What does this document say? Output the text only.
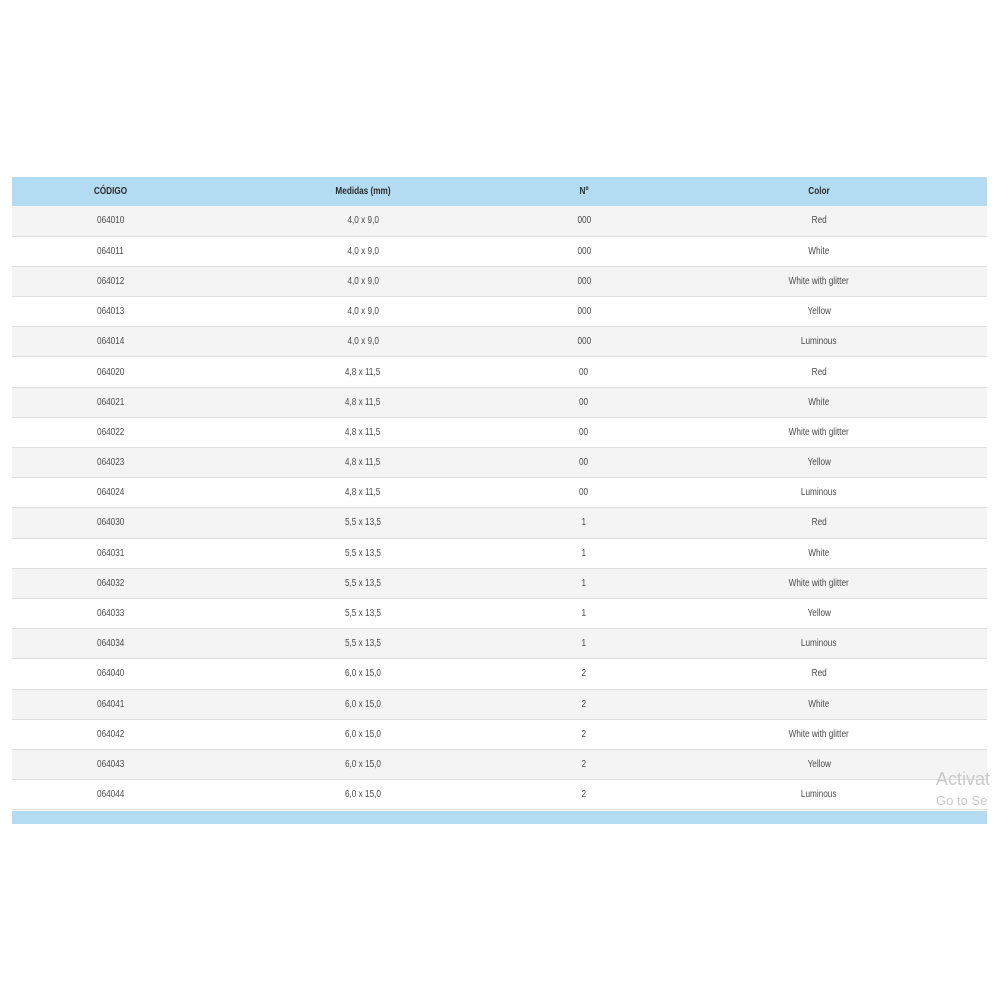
CÓDIGO	Medidas (mm)	Nº	Color
064010	4,0 x 9,0	000	Red
064011	4,0 x 9,0	000	White
064012	4,0 x 9,0	000	White with glitter
064013	4,0 x 9,0	000	Yellow
064014	4,0 x 9,0	000	Luminous
064020	4,8 x 11,5	00	Red
064021	4,8 x 11,5	00	White
064022	4,8 x 11,5	00	White with glitter
064023	4,8 x 11,5	00	Yellow
064024	4,8 x 11,5	00	Luminous
064030	5,5 x 13,5	1	Red
064031	5,5 x 13,5	1	White
064032	5,5 x 13,5	1	White with glitter
064033	5,5 x 13,5	1	Yellow
064034	5,5 x 13,5	1	Luminous
064040	6,0 x 15,0	2	Red
064041	6,0 x 15,0	2	White
064042	6,0 x 15,0	2	White with glitter
064043	6,0 x 15,0	2	Yellow
064044	6,0 x 15,0	2	Luminous
Activat
Go to Se
